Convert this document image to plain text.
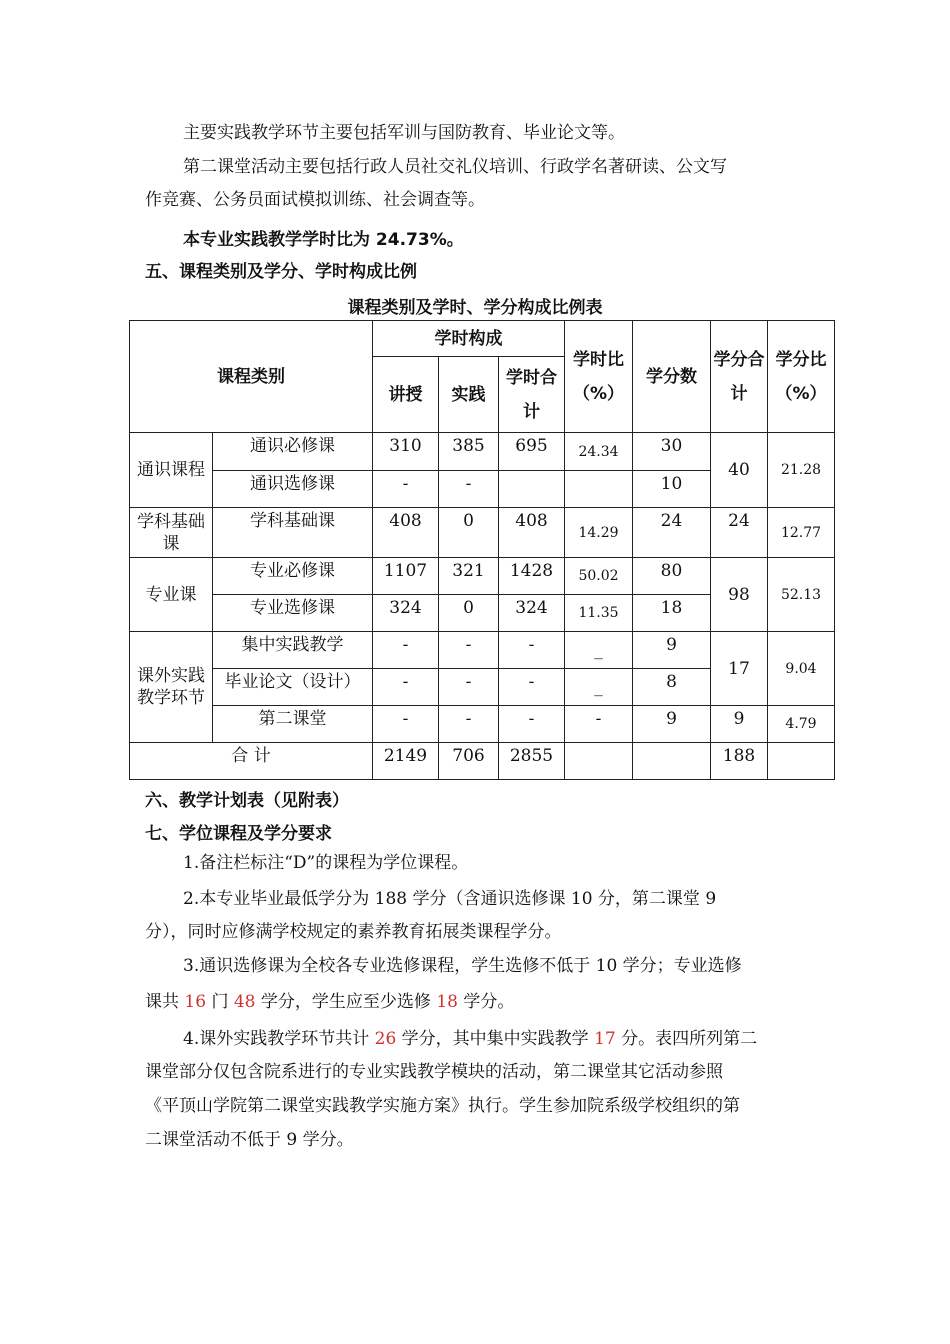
主要实践教学环节主要包括军训与国防教育、毕业论文等。
第二课堂活动主要包括行政人员社交礼仪培训、行政学名著研读、公文写
作竞赛、公务员面试模拟训练、社会调查等。
本专业实践教学学时比为 24.73%。
五、课程类别及学分、学时构成比例
课程类别及学时、学分构成比例表
课程类别		学时构成			学时比（%）	学分数	学分合计	学分比（%）
		讲授	实践	学时合计				
通识课程	通识必修课	310	385	695	24.34	30	40	21.28
	通识选修课	-	-			10		
学科基础课	学科基础课	408	0	408	14.29	24	24	12.77
专业课	专业必修课	1107	321	1428	50.02	80	98	52.13
	专业选修课	324	0	324	11.35	18		
课外实践教学环节	集中实践教学	-	-	-	_	9	17	9.04
	毕业论文（设计）	-	-	-	_	8		
	第二课堂	-	-	-	-	9	9	4.79
合 计		2149	706	2855			188	
六、教学计划表（见附表）
七、学位课程及学分要求
1.备注栏标注“D”的课程为学位课程。
2.本专业毕业最低学分为 188 学分（含通识选修课 10 分，第二课堂 9
分），同时应修满学校规定的素养教育拓展类课程学分。
3.通识选修课为全校各专业选修课程，学生选修不低于 10 学分；专业选修
课共 16 门 48 学分，学生应至少选修 18 学分。
4.课外实践教学环节共计 26 学分，其中集中实践教学 17 分。表四所列第二
课堂部分仅包含院系进行的专业实践教学模块的活动，第二课堂其它活动参照
《平顶山学院第二课堂实践教学实施方案》执行。学生参加院系级学校组织的第
二课堂活动不低于 9 学分。
